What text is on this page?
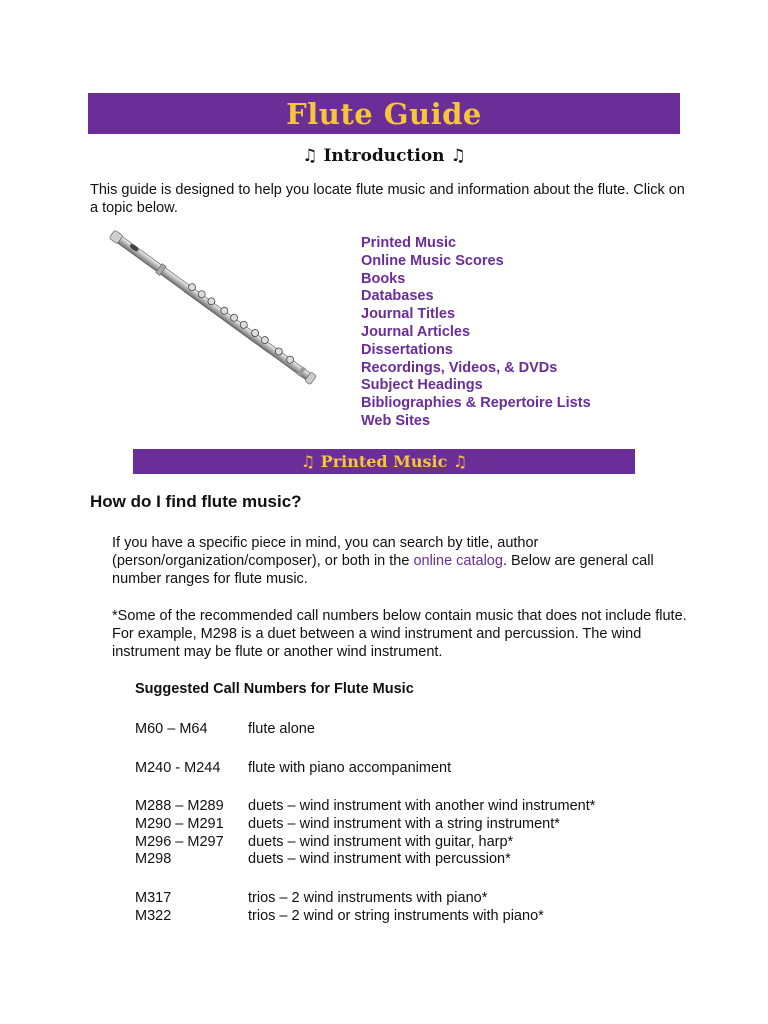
Flute Guide
♫ Introduction ♫
This guide is designed to help you locate flute music and information about the flute. Click on a topic below.
Printed Music
Online Music Scores
Books
Databases
Journal Titles
Journal Articles
Dissertations
Recordings, Videos, & DVDs
Subject Headings
Bibliographies & Repertoire Lists
Web Sites
♫ Printed Music ♫
How do I find flute music?
If you have a specific piece in mind, you can search by title, author (person/organization/composer), or both in the online catalog. Below are general call number ranges for flute music.
*Some of the recommended call numbers below contain music that does not include flute. For example, M298 is a duet between a wind instrument and percussion. The wind instrument may be flute or another wind instrument.
Suggested Call Numbers for Flute Music
M60 – M64	flute alone
M240 - M244 flute with piano accompaniment
M288 – M289 duets – wind instrument with another wind instrument*
M290 – M291 duets – wind instrument with a string instrument*
M296 – M297 duets – wind instrument with guitar, harp*
M298	duets – wind instrument with percussion*
M317	trios – 2 wind instruments with piano*
M322	trios – 2 wind or string instruments with piano*
